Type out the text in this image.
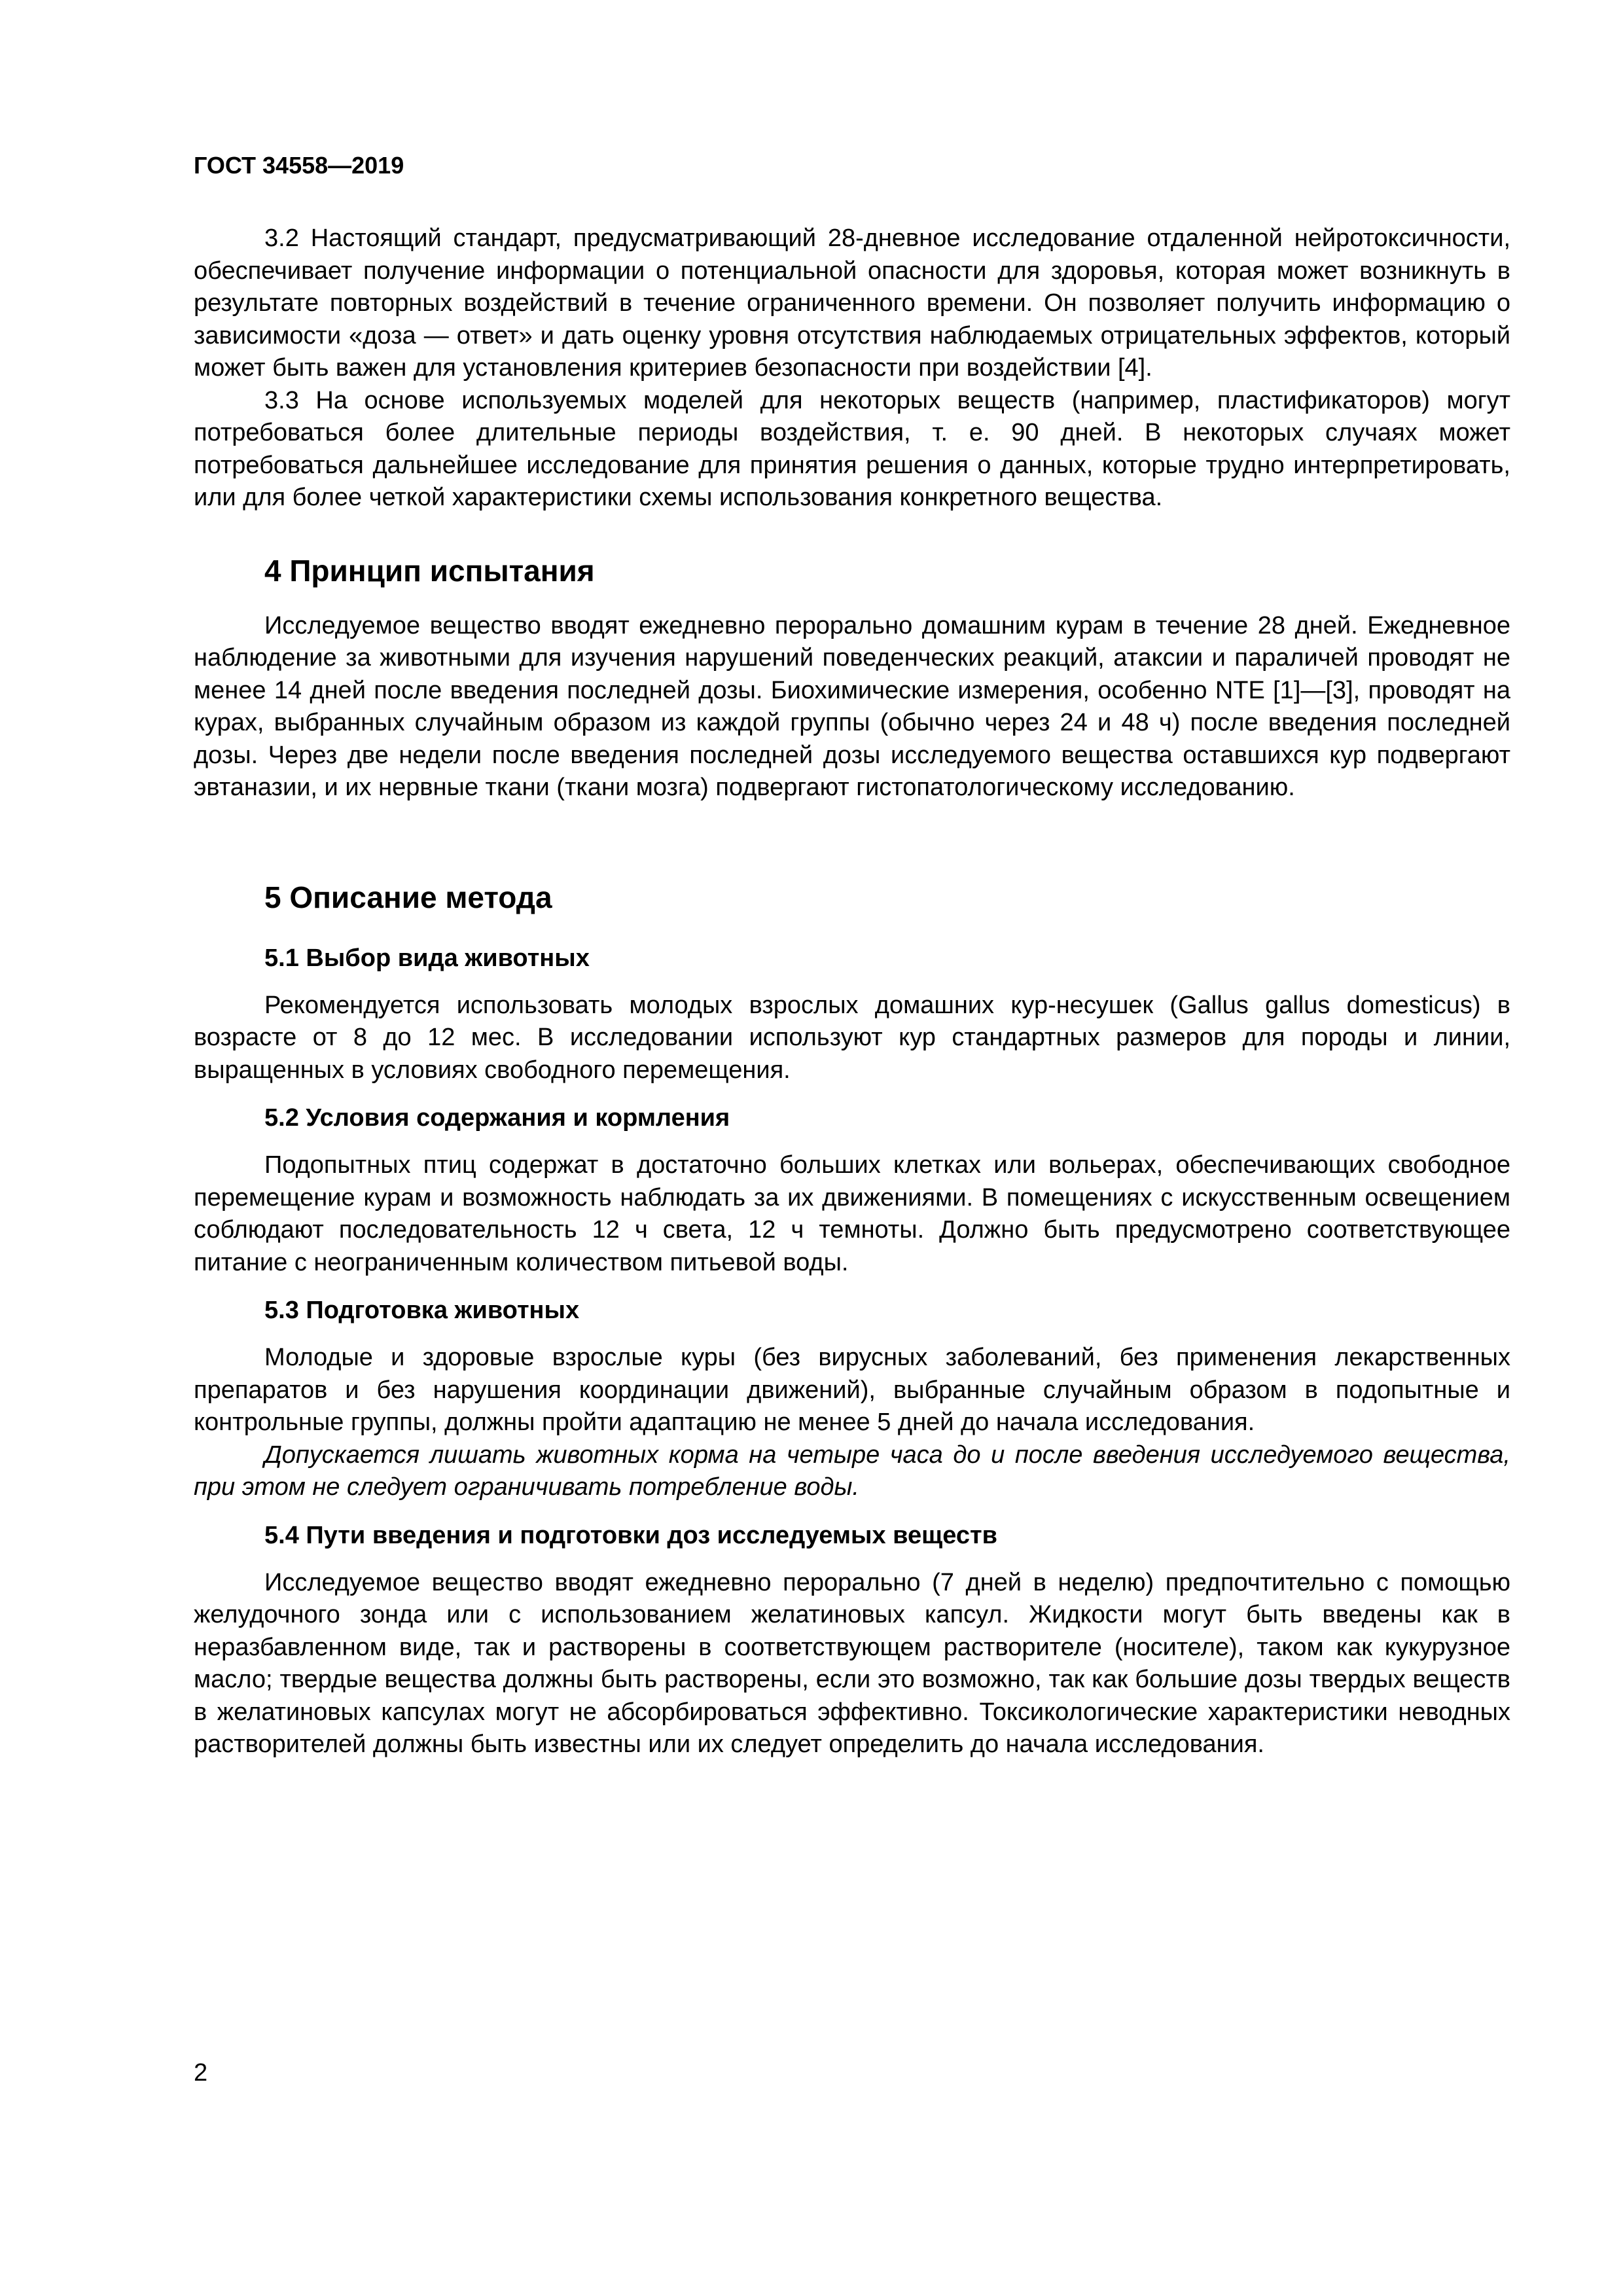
ГОСТ 34558—2019

3.2 Настоящий стандарт, предусматривающий 28-дневное исследование отдаленной нейротоксичности, обеспечивает получение информации о потенциальной опасности для здоровья, которая может возникнуть в результате повторных воздействий в течение ограниченного времени. Он позволяет получить информацию о зависимости «доза — ответ» и дать оценку уровня отсутствия наблюдаемых отрицательных эффектов, который может быть важен для установления критериев безопасности при воздействии [4].

3.3 На основе используемых моделей для некоторых веществ (например, пластификаторов) могут потребоваться более длительные периоды воздействия, т. е. 90 дней. В некоторых случаях может потребоваться дальнейшее исследование для принятия решения о данных, которые трудно интерпретировать, или для более четкой характеристики схемы использования конкретного вещества.

4 Принцип испытания

Исследуемое вещество вводят ежедневно перорально домашним курам в течение 28 дней. Ежедневное наблюдение за животными для изучения нарушений поведенческих реакций, атаксии и параличей проводят не менее 14 дней после введения последней дозы. Биохимические измерения, особенно NTE [1]—[3], проводят на курах, выбранных случайным образом из каждой группы (обычно через 24 и 48 ч) после введения последней дозы. Через две недели после введения последней дозы исследуемого вещества оставшихся кур подвергают эвтаназии, и их нервные ткани (ткани мозга) подвергают гистопатологическому исследованию.

5 Описание метода
5.1 Выбор вида животных

Рекомендуется использовать молодых взрослых домашних кур-несушек (Gallus gallus domesticus) в возрасте от 8 до 12 мес. В исследовании используют кур стандартных размеров для породы и линии, выращенных в условиях свободного перемещения.

5.2 Условия содержания и кормления

Подопытных птиц содержат в достаточно больших клетках или вольерах, обеспечивающих свободное перемещение курам и возможность наблюдать за их движениями. В помещениях с искусственным освещением соблюдают последовательность 12 ч света, 12 ч темноты. Должно быть предусмотрено соответствующее питание с неограниченным количеством питьевой воды.

5.3 Подготовка животных

Молодые и здоровые взрослые куры (без вирусных заболеваний, без применения лекарственных препаратов и без нарушения координации движений), выбранные случайным образом в подопытные и контрольные группы, должны пройти адаптацию не менее 5 дней до начала исследования.

Допускается лишать животных корма на четыре часа до и после введения исследуемого вещества, при этом не следует ограничивать потребление воды.

5.4 Пути введения и подготовки доз исследуемых веществ

Исследуемое вещество вводят ежедневно перорально (7 дней в неделю) предпочтительно с помощью желудочного зонда или с использованием желатиновых капсул. Жидкости могут быть введены как в неразбавленном виде, так и растворены в соответствующем растворителе (носителе), таком как кукурузное масло; твердые вещества должны быть растворены, если это возможно, так как большие дозы твердых веществ в желатиновых капсулах могут не абсорбироваться эффективно. Токсикологические характеристики неводных растворителей должны быть известны или их следует определить до начала исследования.

2
